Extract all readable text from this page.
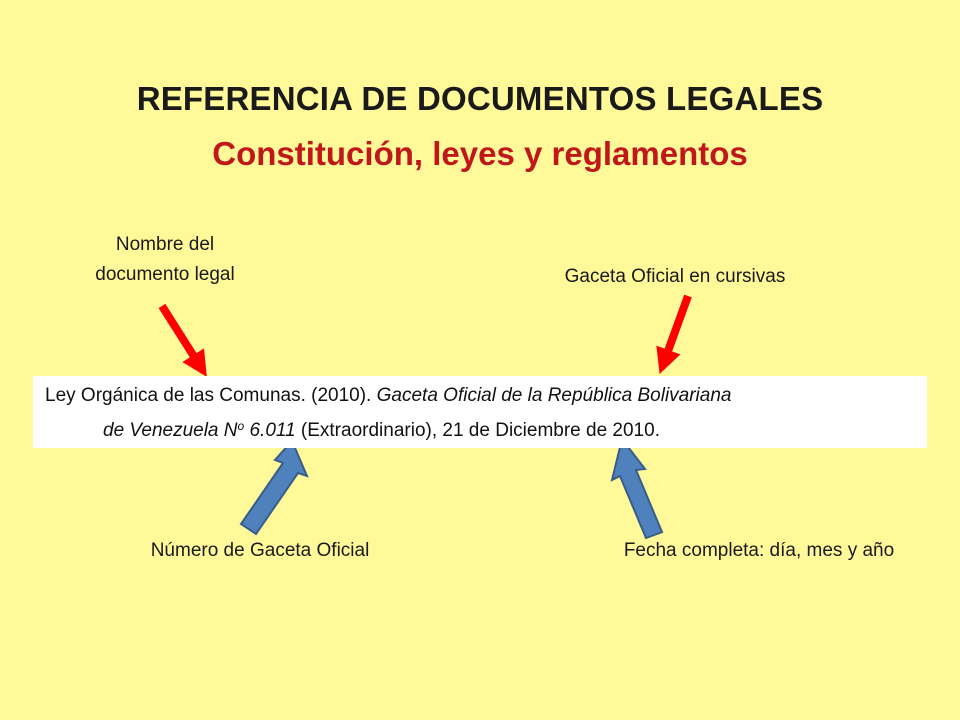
REFERENCIA DE DOCUMENTOS LEGALES
Constitución, leyes y reglamentos
Nombre del
documento legal	Gaceta Oficial en cursivas
Ley Orgánica de las Comunas. (2010). Gaceta Oficial de la República Bolivariana
de Venezuela $N^o$ 6.011 (Extraordinario), 21 de Diciembre de 2010.
Número de Gaceta Oficial	Fecha completa: día, mes y año
